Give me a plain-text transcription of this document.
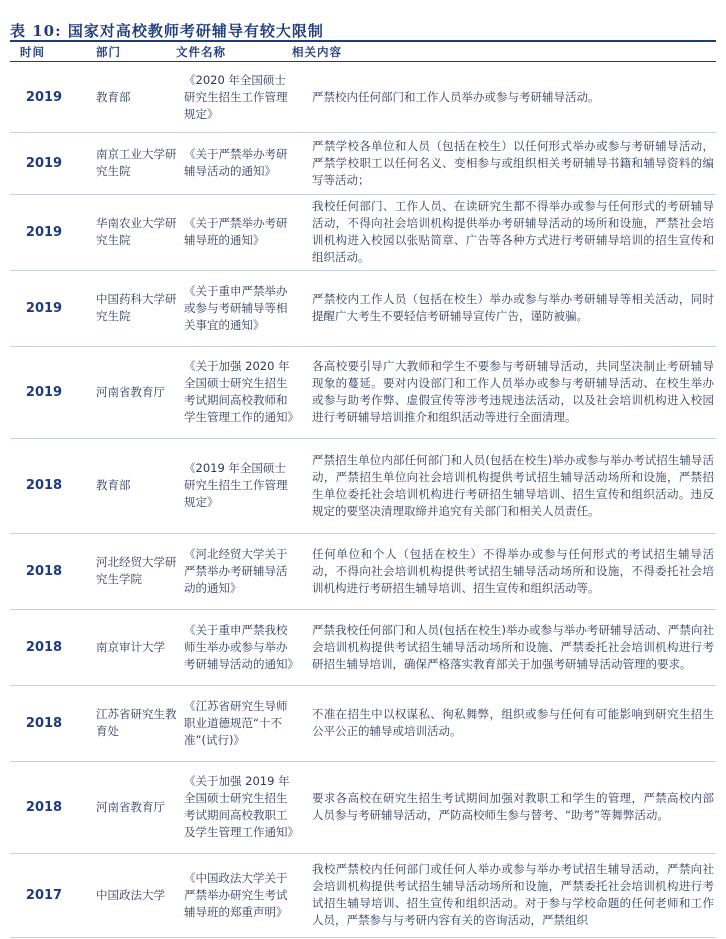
表 10: 国家对高校教师考研辅导有较大限制
时间	部门	文件名称	相关内容
2019	教育部	《2020 年全国硕士研究生招生工作管理规定》	严禁校内任何部门和工作人员举办或参与考研辅导活动。
2019	南京工业大学研究生院	《关于严禁举办考研辅导活动的通知》	严禁学校各单位和人员（包括在校生）以任何形式举办或参与考研辅导活动，严禁学校职工以任何名义、变相参与或组织相关考研辅导书籍和辅导资料的编写等活动；
2019	华南农业大学研究生院	《关于严禁举办考研辅导班的通知》	我校任何部门、工作人员、在读研究生都不得举办或参与任何形式的考研辅导活动，不得向社会培训机构提供举办考研辅导活动的场所和设施，严禁社会培训机构进入校园以张贴简章、广告等各种方式进行考研辅导培训的招生宣传和组织活动。
2019	中国药科大学研究生院	《关于重申严禁举办或参与考研辅导等相关事宜的通知》	严禁校内工作人员（包括在校生）举办或参与举办考研辅导等相关活动，同时提醒广大考生不要轻信考研辅导宣传广告，谨防被骗。
2019	河南省教育厅	《关于加强 2020 年全国硕士研究生招生考试期间高校教师和学生管理工作的通知》	各高校要引导广大教师和学生不要参与考研辅导活动，共同坚决制止考研辅导现象的蔓延。要对内设部门和工作人员举办或参与考研辅导活动、在校生举办或参与助考作弊、虚假宣传等涉考违规违法活动，以及社会培训机构进入校园进行考研辅导培训推介和组织活动等进行全面清理。
2018	教育部	《2019 年全国硕士研究生招生工作管理规定》	严禁招生单位内部任何部门和人员(包括在校生)举办或参与举办考试招生辅导活动，严禁招生单位向社会培训机构提供考试招生辅导活动场所和设施，严禁招生单位委托社会培训机构进行考研招生辅导培训、招生宣传和组织活动。违反规定的要坚决清理取缔并追究有关部门和相关人员责任。
2018	河北经贸大学研究生学院	《河北经贸大学关于严禁举办考研辅导活动的通知》	任何单位和个人（包括在校生）不得举办或参与任何形式的考试招生辅导活动，不得向社会培训机构提供考试招生辅导活动场所和设施，不得委托社会培训机构进行考研招生辅导培训、招生宣传和组织活动等。
2018	南京审计大学	《关于重申严禁我校师生举办或参与举办考研辅导活动的通知》	严禁我校任何部门和人员(包括在校生)举办或参与举办考研辅导活动、严禁向社会培训机构提供考试招生辅导活动场所和设施、严禁委托社会培训机构进行考研招生辅导培训，确保严格落实教育部关于加强考研辅导活动管理的要求。
2018	江苏省研究生教育处	《江苏省研究生导师职业道德规范“十不准”(试行)》	不准在招生中以权谋私、徇私舞弊，组织或参与任何有可能影响到研究生招生公平公正的辅导或培训活动。
2018	河南省教育厅	《关于加强 2019 年全国硕士研究生招生考试期间高校教职工及学生管理工作通知》	要求各高校在研究生招生考试期间加强对教职工和学生的管理，严禁高校内部人员参与考研辅导活动，严防高校师生参与替考、“助考”等舞弊活动。
2017	中国政法大学	《中国政法大学关于严禁举办研究生考试辅导班的郑重声明》	我校严禁校内任何部门或任何人举办或参与举办考试招生辅导活动，严禁向社会培训机构提供考试招生辅导活动场所和设施，严禁委托社会培训机构进行考试招生辅导培训、招生宣传和组织活动。对于参与学校命题的任何老师和工作人员，严禁参与与考研内容有关的咨询活动，严禁组织
